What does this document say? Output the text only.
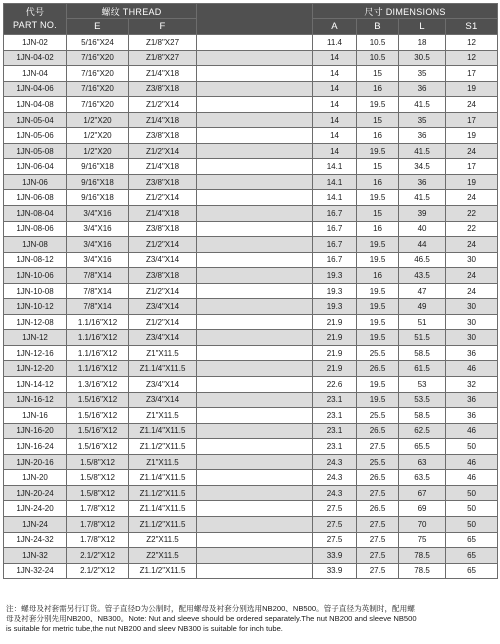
代号
PART NO.	螺纹 THREAD			尺寸 DIMENSIONS			
	E	F		A	B	L	S1
1JN-02	5/16"X24	Z1/8"X27		11.4	10.5	18	12
1JN-04-02	7/16"X20	Z1/8"X27		14	10.5	30.5	12
1JN-04	7/16"X20	Z1/4"X18		14	15	35	17
1JN-04-06	7/16"X20	Z3/8"X18		14	16	36	19
1JN-04-08	7/16"X20	Z1/2"X14		14	19.5	41.5	24
1JN-05-04	1/2"X20	Z1/4"X18		14	15	35	17
1JN-05-06	1/2"X20	Z3/8"X18		14	16	36	19
1JN-05-08	1/2"X20	Z1/2"X14		14	19.5	41.5	24
1JN-06-04	9/16"X18	Z1/4"X18		14.1	15	34.5	17
1JN-06	9/16"X18	Z3/8"X18		14.1	16	36	19
1JN-06-08	9/16"X18	Z1/2"X14		14.1	19.5	41.5	24
1JN-08-04	3/4"X16	Z1/4"X18		16.7	15	39	22
1JN-08-06	3/4"X16	Z3/8"X18		16.7	16	40	22
1JN-08	3/4"X16	Z1/2"X14		16.7	19.5	44	24
1JN-08-12	3/4"X16	Z3/4"X14		16.7	19.5	46.5	30
1JN-10-06	7/8"X14	Z3/8"X18		19.3	16	43.5	24
1JN-10-08	7/8"X14	Z1/2"X14		19.3	19.5	47	24
1JN-10-12	7/8"X14	Z3/4"X14		19.3	19.5	49	30
1JN-12-08	1.1/16"X12	Z1/2"X14		21.9	19.5	51	30
1JN-12	1.1/16"X12	Z3/4"X14		21.9	19.5	51.5	30
1JN-12-16	1.1/16"X12	Z1"X11.5		21.9	25.5	58.5	36
1JN-12-20	1.1/16"X12	Z1.1/4"X11.5		21.9	26.5	61.5	46
1JN-14-12	1.3/16"X12	Z3/4"X14		22.6	19.5	53	32
1JN-16-12	1.5/16"X12	Z3/4"X14		23.1	19.5	53.5	36
1JN-16	1.5/16"X12	Z1"X11.5		23.1	25.5	58.5	36
1JN-16-20	1.5/16"X12	Z1.1/4"X11.5		23.1	26.5	62.5	46
1JN-16-24	1.5/16"X12	Z1.1/2"X11.5		23.1	27.5	65.5	50
1JN-20-16	1.5/8"X12	Z1"X11.5		24.3	25.5	63	46
1JN-20	1.5/8"X12	Z1.1/4"X11.5		24.3	26.5	63.5	46
1JN-20-24	1.5/8"X12	Z1.1/2"X11.5		24.3	27.5	67	50
1JN-24-20	1.7/8"X12	Z1.1/4"X11.5		27.5	26.5	69	50
1JN-24	1.7/8"X12	Z1.1/2"X11.5		27.5	27.5	70	50
1JN-24-32	1.7/8"X12	Z2"X11.5		27.5	27.5	75	65
1JN-32	2.1/2"X12	Z2"X11.5		33.9	27.5	78.5	65
1JN-32-24	2.1/2"X12	Z1.1/2"X11.5		33.9	27.5	78.5	65

注：螺母及衬套需另行订货。管子直径D为公制时，配用螺母及衬套分别选用NB200、NB500。管子直径为英制时，配用螺

母及衬套分别先用NB200、NB300。Note: Nut and sleeve should be ordered separately.The nut NB200 and sleeve NB500

is suitable for metric tube,the nut NB200 and sleev NB300 is suitable for inch tube.
